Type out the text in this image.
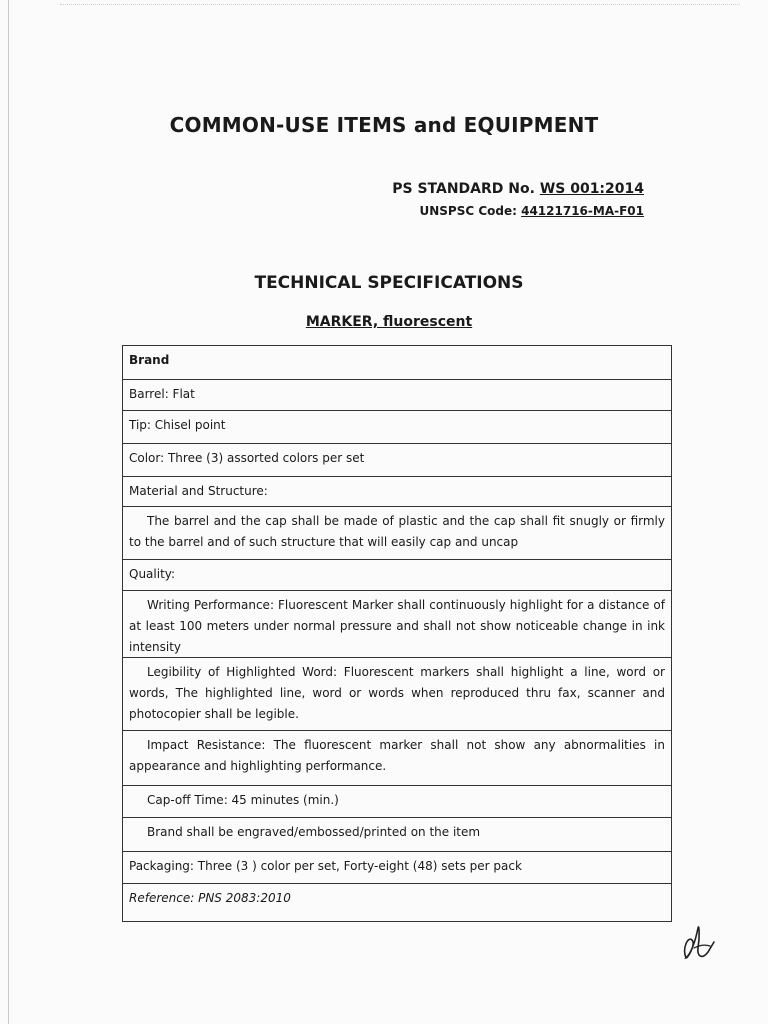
COMMON-USE ITEMS and EQUIPMENT
PS STANDARD No. WS 001:2014
UNSPSC Code: 44121716-MA-F01
TECHNICAL SPECIFICATIONS
MARKER, fluorescent
Brand
Barrel: Flat
Tip: Chisel point
Color: Three (3) assorted colors per set
Material and Structure:
The barrel and the cap shall be made of plastic and the cap shall fit snugly or firmly to the barrel and of such structure that will easily cap and uncap
Quality:
Writing Performance: Fluorescent Marker shall continuously highlight for a distance of at least 100 meters under normal pressure and shall not show noticeable change in ink intensity
Legibility of Highlighted Word: Fluorescent markers shall highlight a line, word or words, The highlighted line, word or words when reproduced thru fax, scanner and photocopier shall be legible.
Impact Resistance: The fluorescent marker shall not show any abnormalities in appearance and highlighting performance.
Cap-off Time: 45 minutes (min.)
Brand shall be engraved/embossed/printed on the item
Packaging: Three (3 ) color per set, Forty-eight (48) sets per pack
Reference: PNS 2083:2010
